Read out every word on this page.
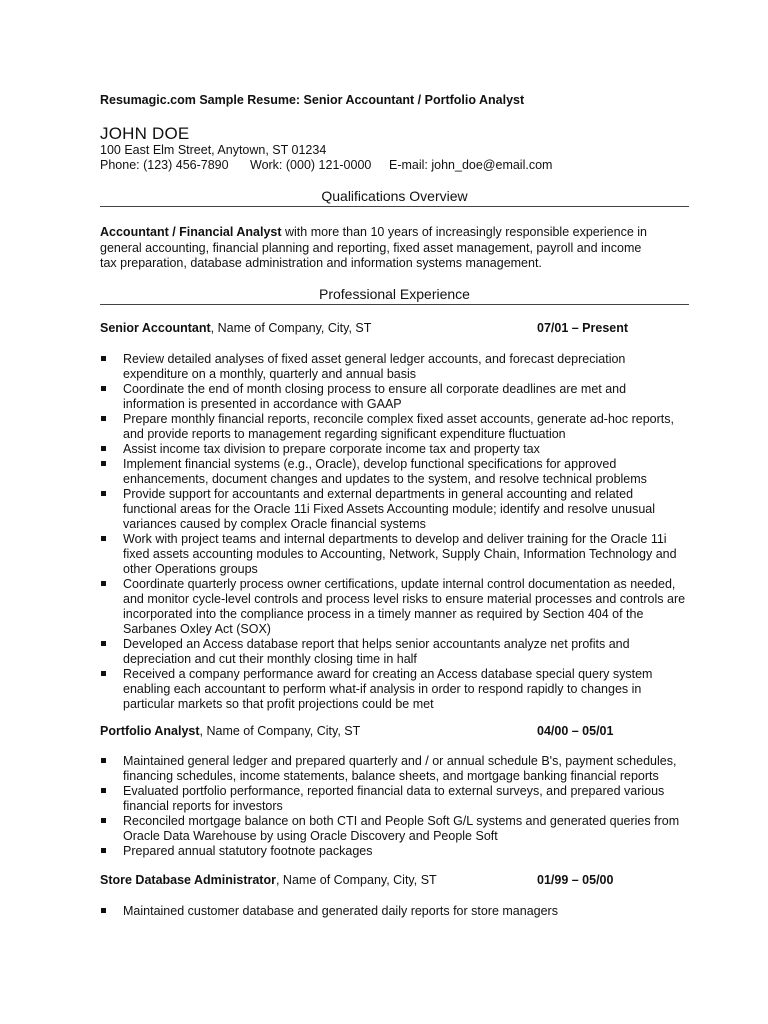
Resumagic.com Sample Resume: Senior Accountant / Portfolio Analyst
JOHN DOE
100 East Elm Street, Anytown, ST 01234
Phone: (123) 456-7890 Work: (000) 121-0000 E-mail: john_doe@email.com
Qualifications Overview
Accountant / Financial Analyst with more than 10 years of increasingly responsible experience in general accounting, financial planning and reporting, fixed asset management, payroll and income tax preparation, database administration and information systems management.
Professional Experience
Senior Accountant, Name of Company, City, ST	07/01 – Present
Review detailed analyses of fixed asset general ledger accounts, and forecast depreciation expenditure on a monthly, quarterly and annual basis
Coordinate the end of month closing process to ensure all corporate deadlines are met and information is presented in accordance with GAAP
Prepare monthly financial reports, reconcile complex fixed asset accounts, generate ad-hoc reports, and provide reports to management regarding significant expenditure fluctuation
Assist income tax division to prepare corporate income tax and property tax
Implement financial systems (e.g., Oracle), develop functional specifications for approved enhancements, document changes and updates to the system, and resolve technical problems
Provide support for accountants and external departments in general accounting and related functional areas for the Oracle 11i Fixed Assets Accounting module; identify and resolve unusual variances caused by complex Oracle financial systems
Work with project teams and internal departments to develop and deliver training for the Oracle 11i fixed assets accounting modules to Accounting, Network, Supply Chain, Information Technology and other Operations groups
Coordinate quarterly process owner certifications, update internal control documentation as needed, and monitor cycle-level controls and process level risks to ensure material processes and controls are incorporated into the compliance process in a timely manner as required by Section 404 of the Sarbanes Oxley Act (SOX)
Developed an Access database report that helps senior accountants analyze net profits and depreciation and cut their monthly closing time in half
Received a company performance award for creating an Access database special query system enabling each accountant to perform what-if analysis in order to respond rapidly to changes in particular markets so that profit projections could be met
Portfolio Analyst, Name of Company, City, ST	04/00 – 05/01
Maintained general ledger and prepared quarterly and / or annual schedule B's, payment schedules, financing schedules, income statements, balance sheets, and mortgage banking financial reports
Evaluated portfolio performance, reported financial data to external surveys, and prepared various financial reports for investors
Reconciled mortgage balance on both CTI and People Soft G/L systems and generated queries from Oracle Data Warehouse by using Oracle Discovery and People Soft
Prepared annual statutory footnote packages
Store Database Administrator, Name of Company, City, ST	01/99 – 05/00
Maintained customer database and generated daily reports for store managers
